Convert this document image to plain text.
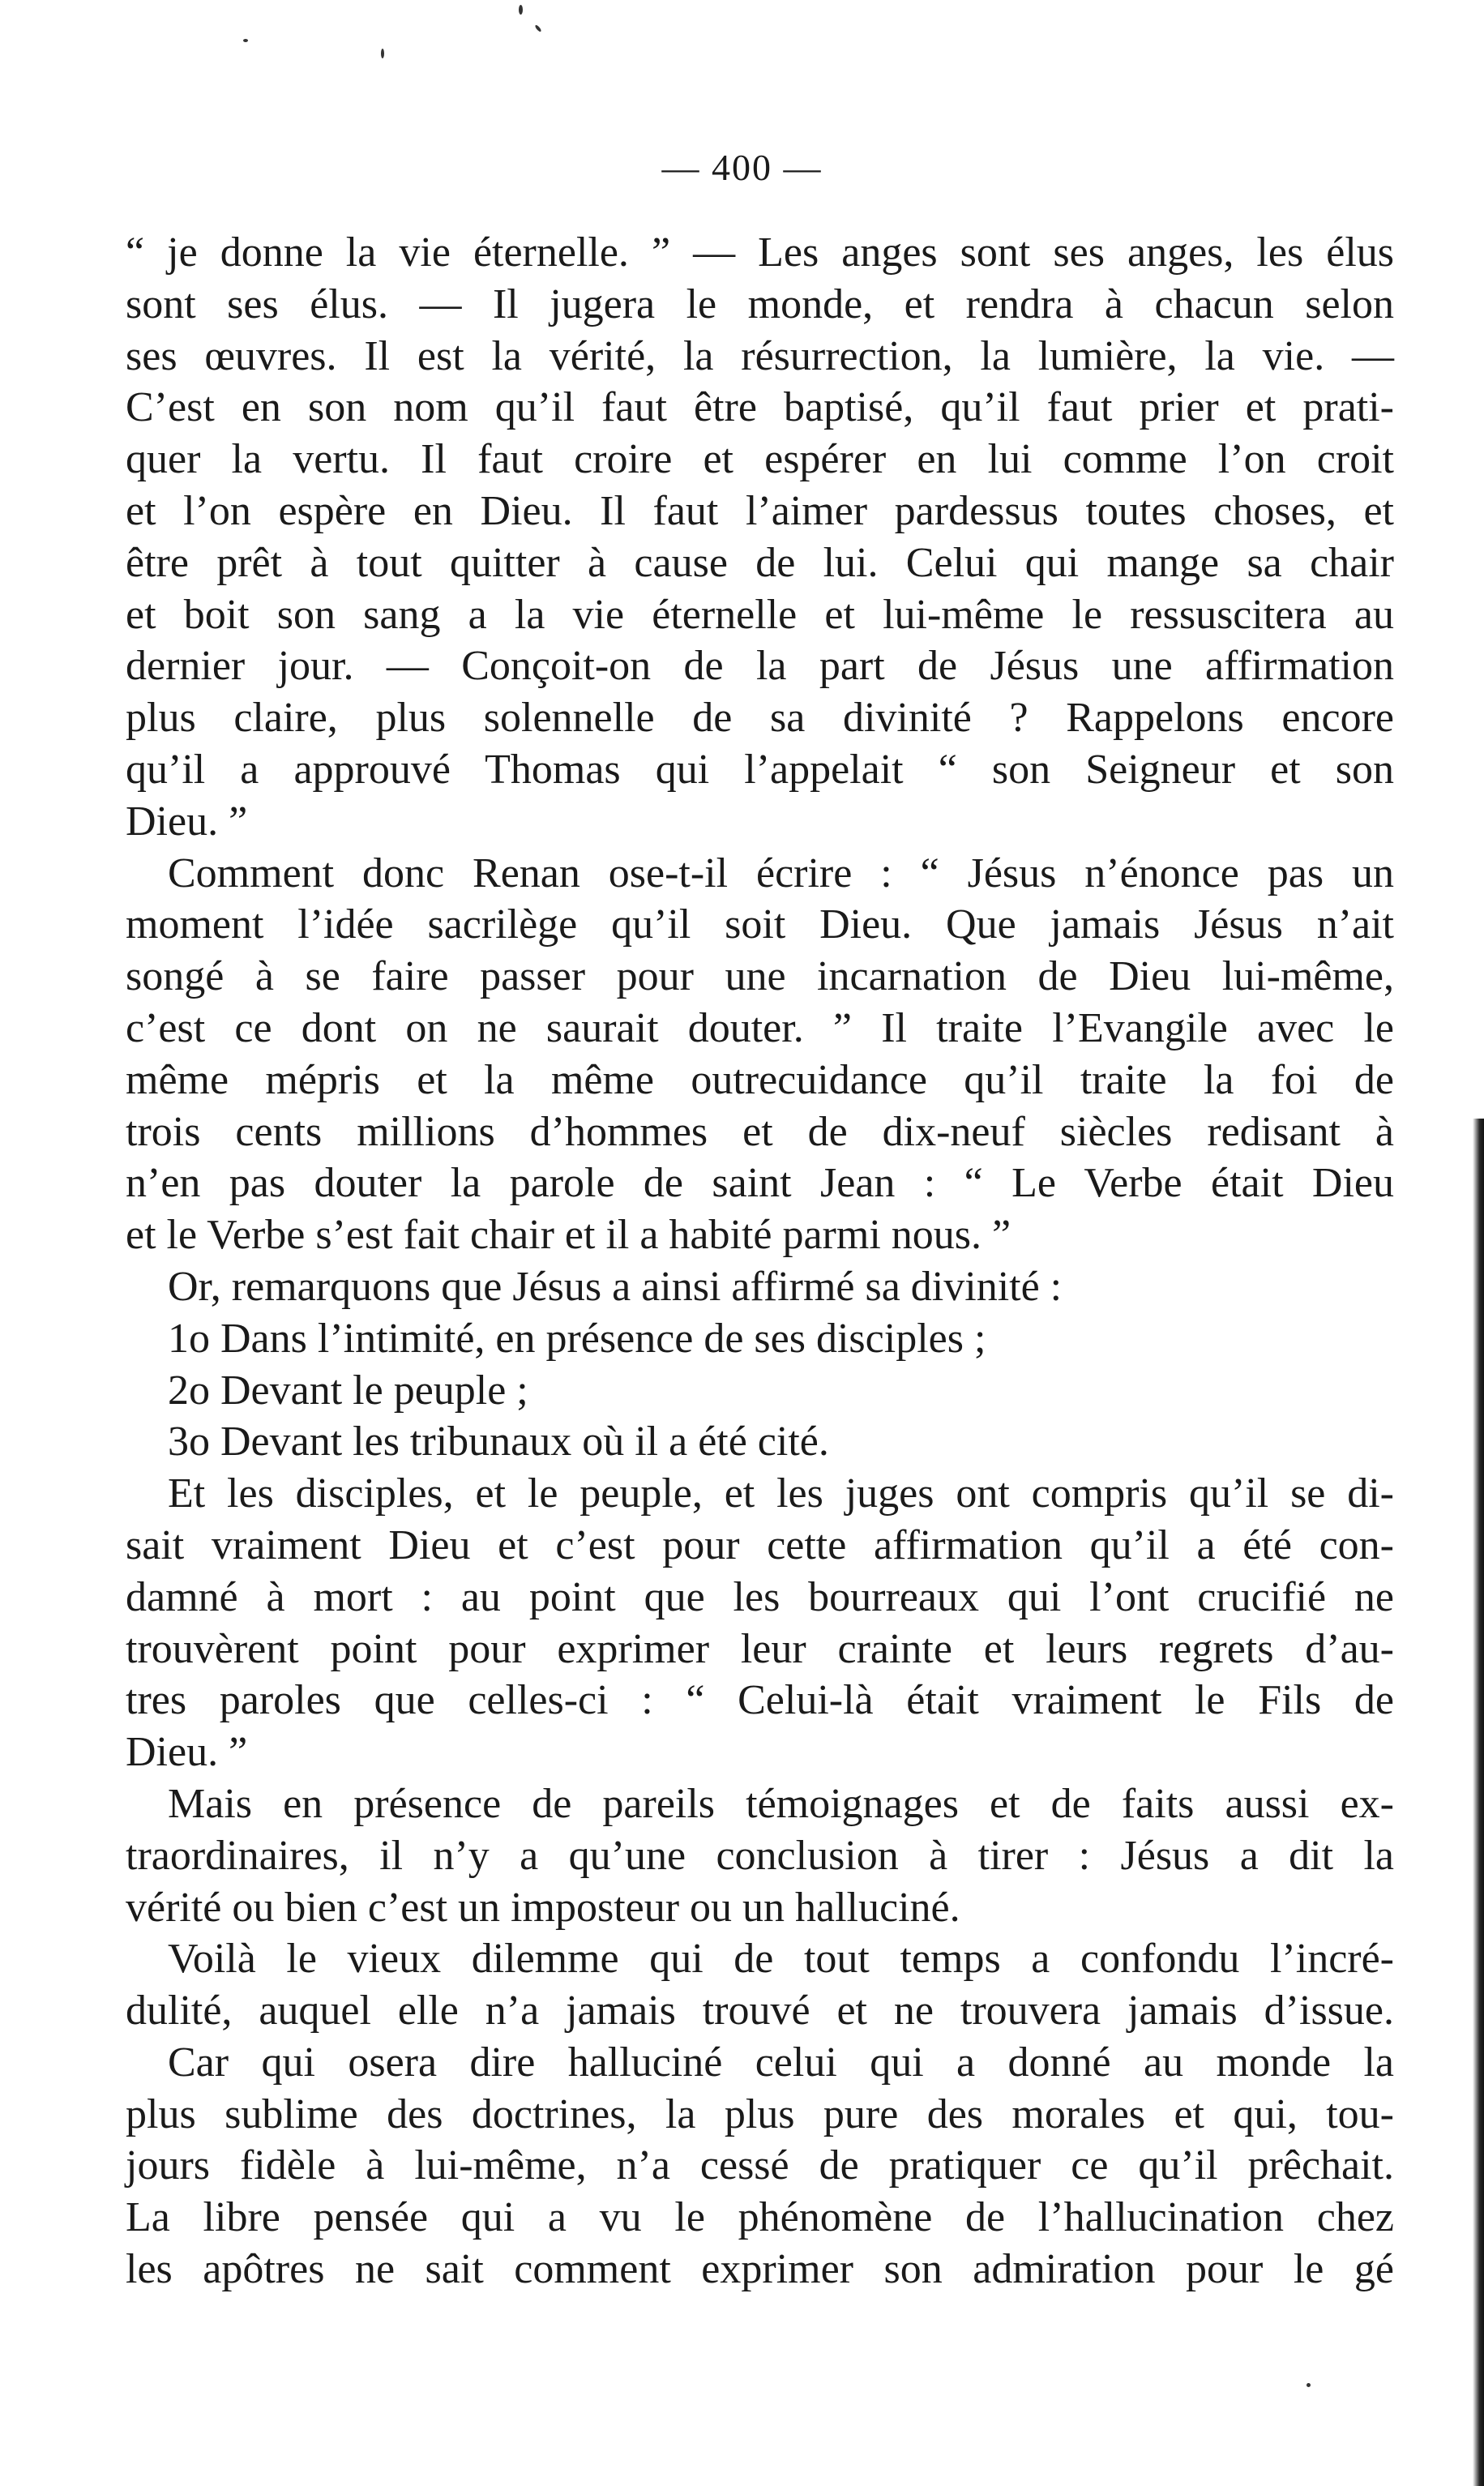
— 400 —
“ je donne la vie éternelle. ” — Les anges sont ses anges, les élus
sont ses élus. — Il jugera le monde, et rendra à chacun selon
ses œuvres. Il est la vérité, la résurrection, la lumière, la vie. —
C’est en son nom qu’il faut être baptisé, qu’il faut prier et prati-
quer la vertu. Il faut croire et espérer en lui comme l’on croit
et l’on espère en Dieu. Il faut l’aimer pardessus toutes choses, et
être prêt à tout quitter à cause de lui. Celui qui mange sa chair
et boit son sang a la vie éternelle et lui-même le ressuscitera au
dernier jour. — Conçoit-on de la part de Jésus une affirmation
plus claire, plus solennelle de sa divinité ? Rappelons encore
qu’il a approuvé Thomas qui l’appelait “ son Seigneur et son
Dieu. ”
Comment donc Renan ose-t-il écrire : “ Jésus n’énonce pas un
moment l’idée sacrilège qu’il soit Dieu. Que jamais Jésus n’ait
songé à se faire passer pour une incarnation de Dieu lui-même,
c’est ce dont on ne saurait douter. ” Il traite l’Evangile avec le
même mépris et la même outrecuidance qu’il traite la foi de
trois cents millions d’hommes et de dix-neuf siècles redisant à
n’en pas douter la parole de saint Jean : “ Le Verbe était Dieu
et le Verbe s’est fait chair et il a habité parmi nous. ”
Or, remarquons que Jésus a ainsi affirmé sa divinité :
1o Dans l’intimité, en présence de ses disciples ;
2o Devant le peuple ;
3o Devant les tribunaux où il a été cité.
Et les disciples, et le peuple, et les juges ont compris qu’il se di-
sait vraiment Dieu et c’est pour cette affirmation qu’il a été con-
damné à mort : au point que les bourreaux qui l’ont crucifié ne
trouvèrent point pour exprimer leur crainte et leurs regrets d’au-
tres paroles que celles-ci : “ Celui-là était vraiment le Fils de
Dieu. ”
Mais en présence de pareils témoignages et de faits aussi ex-
traordinaires, il n’y a qu’une conclusion à tirer : Jésus a dit la
vérité ou bien c’est un imposteur ou un halluciné.
Voilà le vieux dilemme qui de tout temps a confondu l’incré-
dulité, auquel elle n’a jamais trouvé et ne trouvera jamais d’issue.
Car qui osera dire halluciné celui qui a donné au monde la
plus sublime des doctrines, la plus pure des morales et qui, tou-
jours fidèle à lui-même, n’a cessé de pratiquer ce qu’il prêchait.
La libre pensée qui a vu le phénomène de l’hallucination chez
les apôtres ne sait comment exprimer son admiration pour le gé
